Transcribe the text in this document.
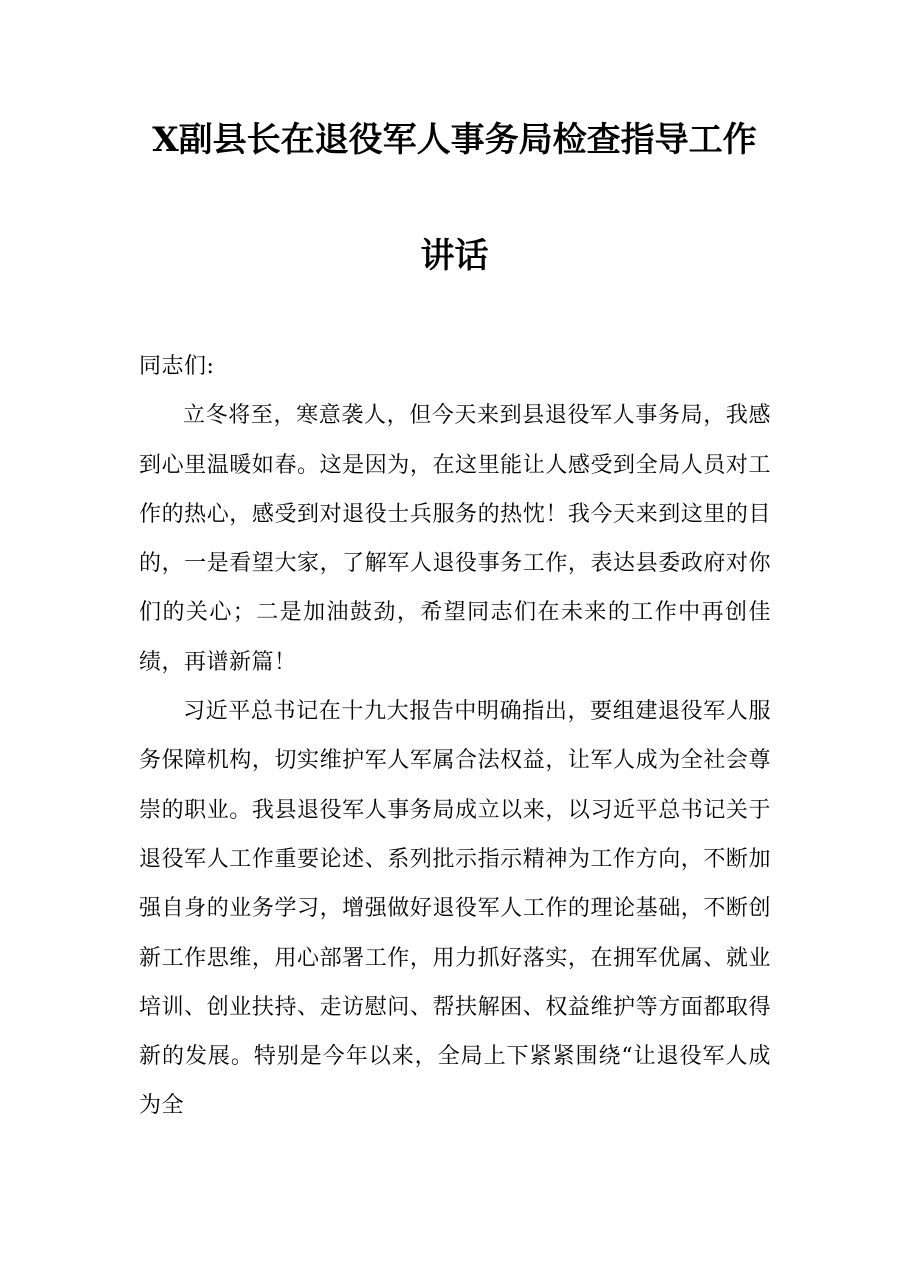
X副县长在退役军人事务局检查指导工作
讲话

同志们:

立冬将至，寒意袭人，但今天来到县退役军人事务局，我感到心里温暖如春。这是因为，在这里能让人感受到全局人员对工作的热心，感受到对退役士兵服务的热忱！我今天来到这里的目的，一是看望大家，了解军人退役事务工作，表达县委政府对你们的关心；二是加油鼓劲，希望同志们在未来的工作中再创佳绩，再谱新篇！

习近平总书记在十九大报告中明确指出，要组建退役军人服务保障机构，切实维护军人军属合法权益，让军人成为全社会尊崇的职业。我县退役军人事务局成立以来，以习近平总书记关于退役军人工作重要论述、系列批示指示精神为工作方向，不断加强自身的业务学习，增强做好退役军人工作的理论基础，不断创新工作思维，用心部署工作，用力抓好落实，在拥军优属、就业培训、创业扶持、走访慰问、帮扶解困、权益维护等方面都取得新的发展。特别是今年以来，全局上下紧紧围绕“让退役军人成为全
